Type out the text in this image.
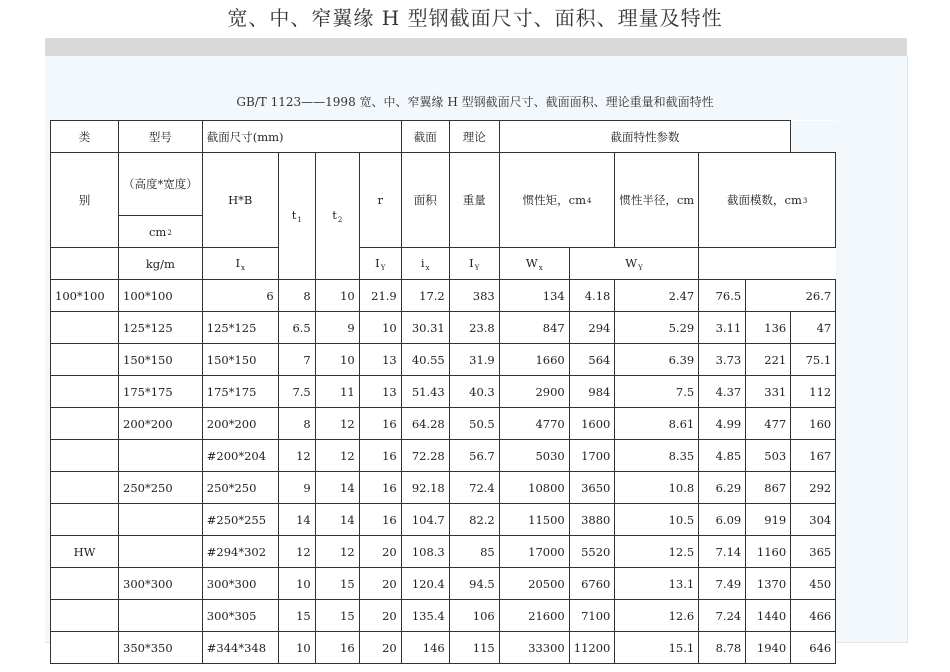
宽、中、窄翼缘 H 型钢截面尺寸、面积、理量及特性
GB/T 1123——1998 宽、中、窄翼缘 H 型钢截面尺寸、截面面积、理论重量和截面特性
类	型号	截面尺寸(mm)				截面	理论	截面特性参数					
别	（高度*宽度）	H*B	$t_1$	$t_2$	r	面积	重量	惯性矩，cm4		惯性半径，cm	截面模数，cm3		
	cm2												
	kg/m	$I_x$			$I_Y$	$i_x$	$I_Y$	$W_x$	$W_Y$
100*100	100*100	6	8	10	21.9	17.2	383	134	4.18	2.47	76.5	26.7	
	125*125	125*125	6.5	9	10	30.31	23.8	847	294	5.29	3.11	136	47
	150*150	150*150	7	10	13	40.55	31.9	1660	564	6.39	3.73	221	75.1
	175*175	175*175	7.5	11	13	51.43	40.3	2900	984	7.5	4.37	331	112
	200*200	200*200	8	12	16	64.28	50.5	4770	1600	8.61	4.99	477	160
		#200*204	12	12	16	72.28	56.7	5030	1700	8.35	4.85	503	167
	250*250	250*250	9	14	16	92.18	72.4	10800	3650	10.8	6.29	867	292
		#250*255	14	14	16	104.7	82.2	11500	3880	10.5	6.09	919	304
HW		#294*302	12	12	20	108.3	85	17000	5520	12.5	7.14	1160	365
	300*300	300*300	10	15	20	120.4	94.5	20500	6760	13.1	7.49	1370	450
		300*305	15	15	20	135.4	106	21600	7100	12.6	7.24	1440	466
	350*350	#344*348	10	16	20	146	115	33300	11200	15.1	8.78	1940	646
